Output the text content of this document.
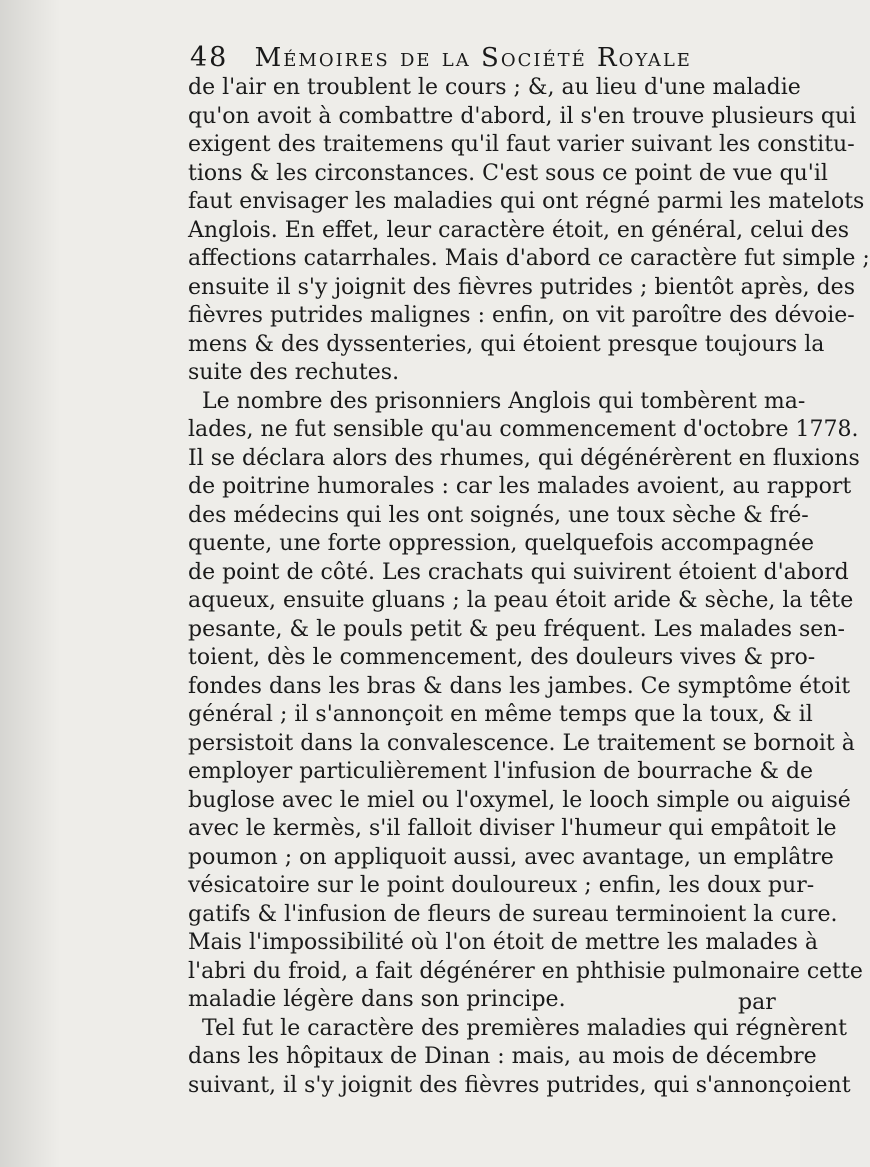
48 Mémoires de la Société Royale
de l'air en troublent le cours ; &, au lieu d'une maladie
qu'on avoit à combattre d'abord, il s'en trouve plusieurs qui
exigent des traitemens qu'il faut varier suivant les constitu-
tions & les circonstances. C'est sous ce point de vue qu'il
faut envisager les maladies qui ont régné parmi les matelots
Anglois. En effet, leur caractère étoit, en général, celui des
affections catarrhales. Mais d'abord ce caractère fut simple ;
ensuite il s'y joignit des fièvres putrides ; bientôt après, des
fièvres putrides malignes : enfin, on vit paroître des dévoie-
mens & des dyssenteries, qui étoient presque toujours la
suite des rechutes.
Le nombre des prisonniers Anglois qui tombèrent ma-
lades, ne fut sensible qu'au commencement d'octobre 1778.
Il se déclara alors des rhumes, qui dégénérèrent en fluxions
de poitrine humorales : car les malades avoient, au rapport
des médecins qui les ont soignés, une toux sèche & fré-
quente, une forte oppression, quelquefois accompagnée
de point de côté. Les crachats qui suivirent étoient d'abord
aqueux, ensuite gluans ; la peau étoit aride & sèche, la tête
pesante, & le pouls petit & peu fréquent. Les malades sen-
toient, dès le commencement, des douleurs vives & pro-
fondes dans les bras & dans les jambes. Ce symptôme étoit
général ; il s'annonçoit en même temps que la toux, & il
persistoit dans la convalescence. Le traitement se bornoit à
employer particulièrement l'infusion de bourrache & de
buglose avec le miel ou l'oxymel, le looch simple ou aiguisé
avec le kermès, s'il falloit diviser l'humeur qui empâtoit le
poumon ; on appliquoit aussi, avec avantage, un emplâtre
vésicatoire sur le point douloureux ; enfin, les doux pur-
gatifs & l'infusion de fleurs de sureau terminoient la cure.
Mais l'impossibilité où l'on étoit de mettre les malades à
l'abri du froid, a fait dégénérer en phthisie pulmonaire cette
maladie légère dans son principe.
Tel fut le caractère des premières maladies qui régnèrent
dans les hôpitaux de Dinan : mais, au mois de décembre
suivant, il s'y joignit des fièvres putrides, qui s'annonçoient
par
